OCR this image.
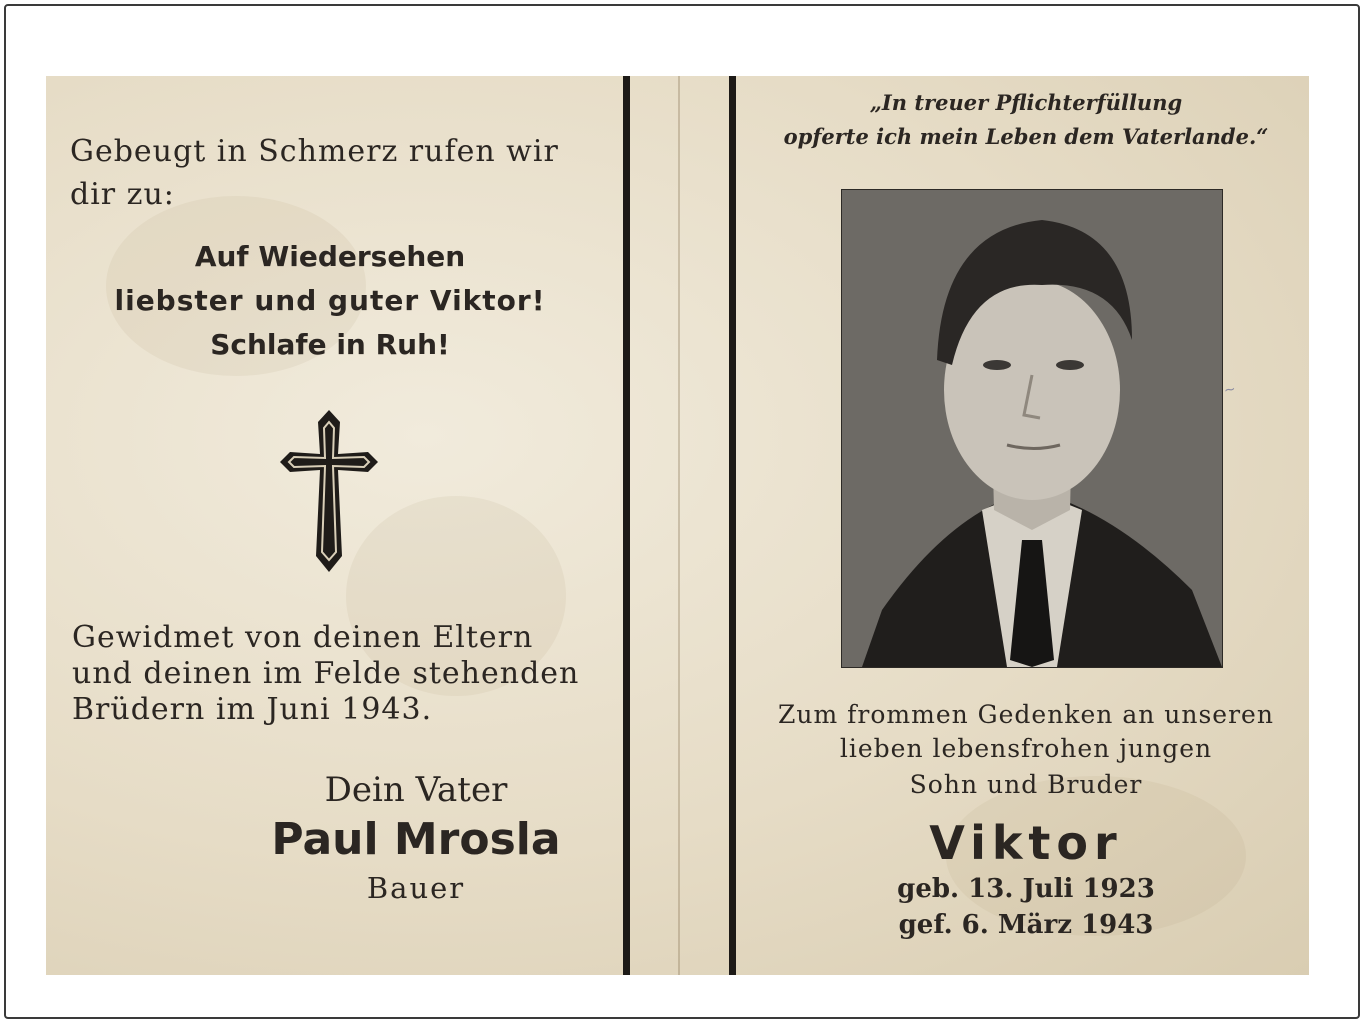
Gebeugt in Schmerz rufen wir
dir zu:
Auf Wiedersehen
liebster und guter Viktor!
Schlafe in Ruh!
Gewidmet von deinen Eltern
und deinen im Felde stehenden
Brüdern im Juni 1943.
Dein Vater
Paul Mrosla
Bauer
„In treuer Pflichterfüllung
opferte ich mein Leben dem Vaterlande.“
~
Zum frommen Gedenken an unseren
lieben lebensfrohen jungen
Sohn und Bruder
Viktor
geb. 13. Juli 1923
gef. 6. März 1943
